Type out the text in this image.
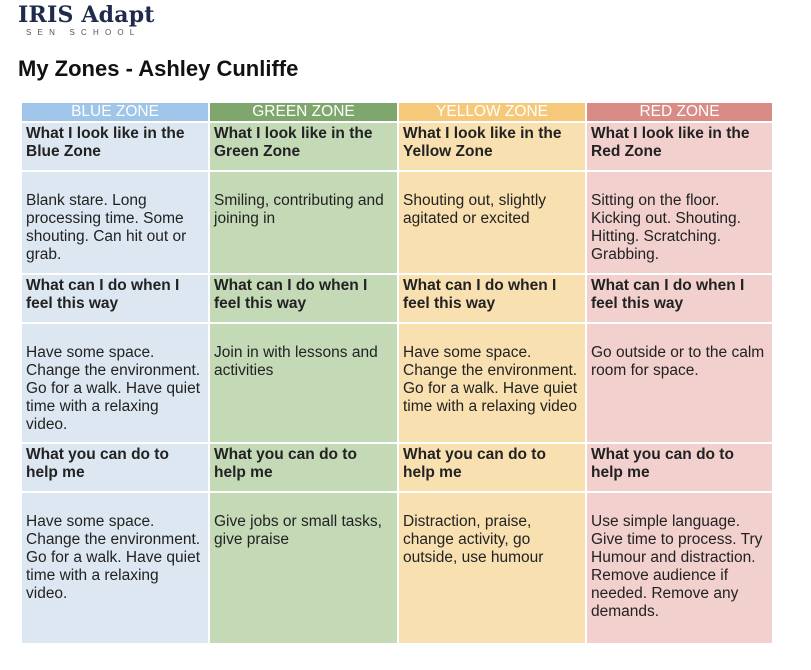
IRIS Adapt
SEN SCHOOL
My Zones - Ashley Cunliffe
BLUE ZONE	GREEN ZONE	YELLOW ZONE	RED ZONE
What I look like in the Blue Zone	What I look like in the Green Zone	What I look like in the Yellow Zone	What I look like in the Red Zone
Blank stare. Long processing time. Some shouting. Can hit out or grab.	Smiling, contributing and joining in	Shouting out, slightly agitated or excited	Sitting on the floor. Kicking out. Shouting. Hitting. Scratching. Grabbing.
What can I do when I feel this way	What can I do when I feel this way	What can I do when I feel this way	What can I do when I feel this way
Have some space. Change the environment. Go for a walk. Have quiet time with a relaxing video.	Join in with lessons and activities	Have some space. Change the environment. Go for a walk. Have quiet time with a relaxing video	Go outside or to the calm room for space.
What you can do to help me	What you can do to help me	What you can do to help me	What you can do to help me
Have some space. Change the environment. Go for a walk. Have quiet time with a relaxing video.	Give jobs or small tasks, give praise	Distraction, praise, change activity, go outside, use humour	Use simple language. Give time to process. Try Humour and distraction. Remove audience if needed. Remove any demands.
